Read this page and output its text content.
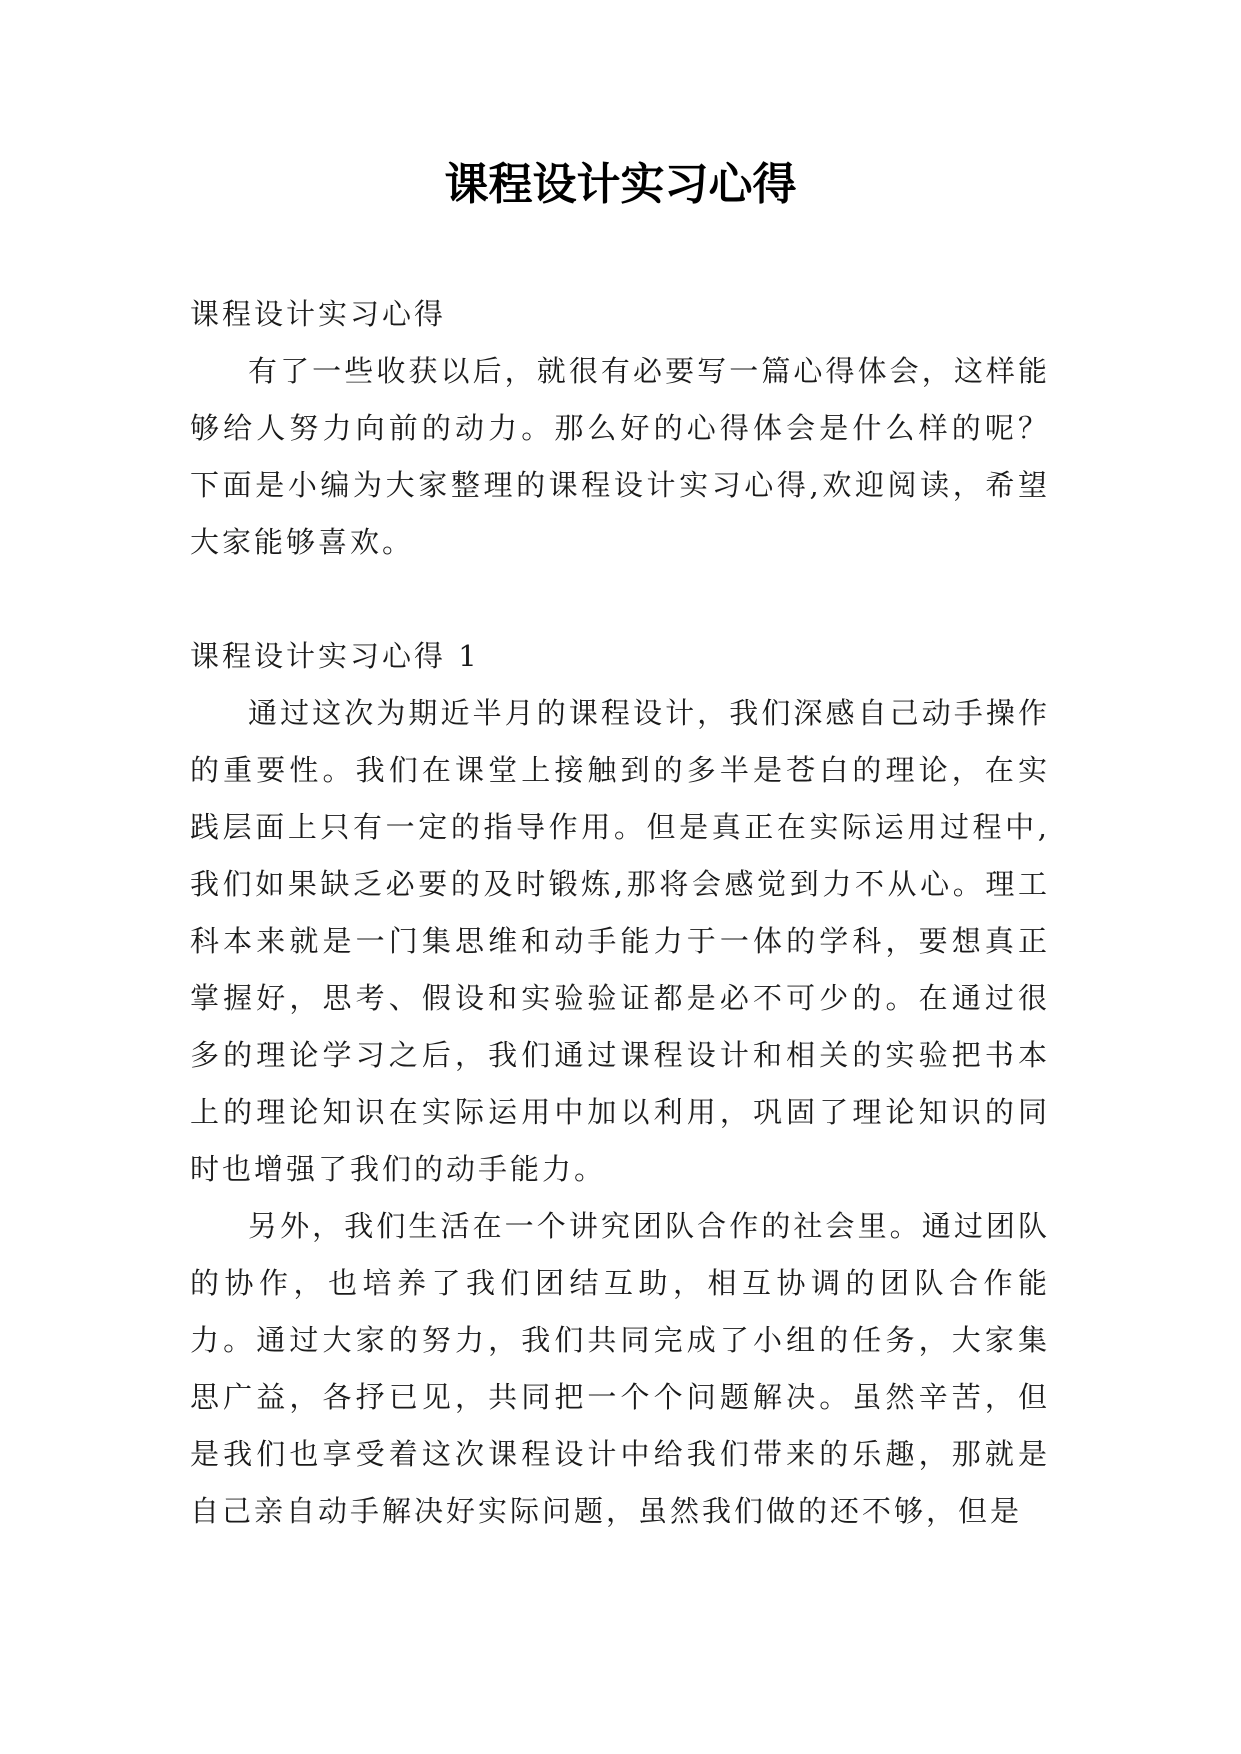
课程设计实习心得

课程设计实习心得

有了一些收获以后，就很有必要写一篇心得体会，这样能够给人努力向前的动力。那么好的心得体会是什么样的呢？下面是小编为大家整理的课程设计实习心得,欢迎阅读，希望大家能够喜欢。

课程设计实习心得 1

通过这次为期近半月的课程设计，我们深感自己动手操作的重要性。我们在课堂上接触到的多半是苍白的理论，在实践层面上只有一定的指导作用。但是真正在实际运用过程中,我们如果缺乏必要的及时锻炼,那将会感觉到力不从心。理工科本来就是一门集思维和动手能力于一体的学科，要想真正掌握好，思考、假设和实验验证都是必不可少的。在通过很多的理论学习之后，我们通过课程设计和相关的实验把书本上的理论知识在实际运用中加以利用，巩固了理论知识的同时也增强了我们的动手能力。

另外，我们生活在一个讲究团队合作的社会里。通过团队的协作，也培养了我们团结互助，相互协调的团队合作能力。通过大家的努力，我们共同完成了小组的任务，大家集思广益，各抒已见，共同把一个个问题解决。虽然辛苦，但是我们也享受着这次课程设计中给我们带来的乐趣，那就是自己亲自动手解决好实际问题，虽然我们做的还不够，但是
